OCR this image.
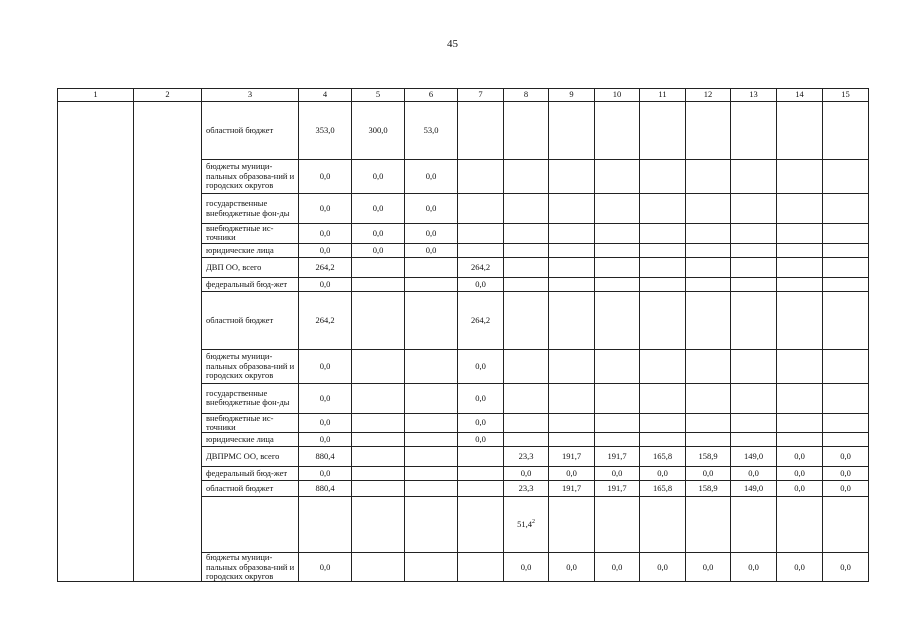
45
1	2	3	4	5	6	7	8	9	10	11	12	13	14	15
		областной бюджет	353,0	300,0	53,0									
		бюджеты муници-пальных образова-ний и городских округов	0,0	0,0	0,0									
		государственные внебюджетные фон-ды	0,0	0,0	0,0									
		внебюджетные ис-точники	0,0	0,0	0,0									
		юридические лица	0,0	0,0	0,0									
		ДВП ОО, всего	264,2			264,2								
		федеральный бюд-жет	0,0			0,0								
		областной бюджет	264,2			264,2								
		бюджеты муници-пальных образова-ний и городских округов	0,0			0,0								
		государственные внебюджетные фон-ды	0,0			0,0								
		внебюджетные ис-точники	0,0			0,0								
		юридические лица	0,0			0,0								
		ДВПРМС ОО, всего	880,4				23,3	191,7	191,7	165,8	158,9	149,0	0,0	0,0
		федеральный бюд-жет	0,0				0,0	0,0	0,0	0,0	0,0	0,0	0,0	0,0
		областной бюджет	880,4				23,3	191,7	191,7	165,8	158,9	149,0	0,0	0,0
							51,4$^2$							
		бюджеты муници-пальных образова-ний и городских округов	0,0				0,0	0,0	0,0	0,0	0,0	0,0	0,0	0,0
